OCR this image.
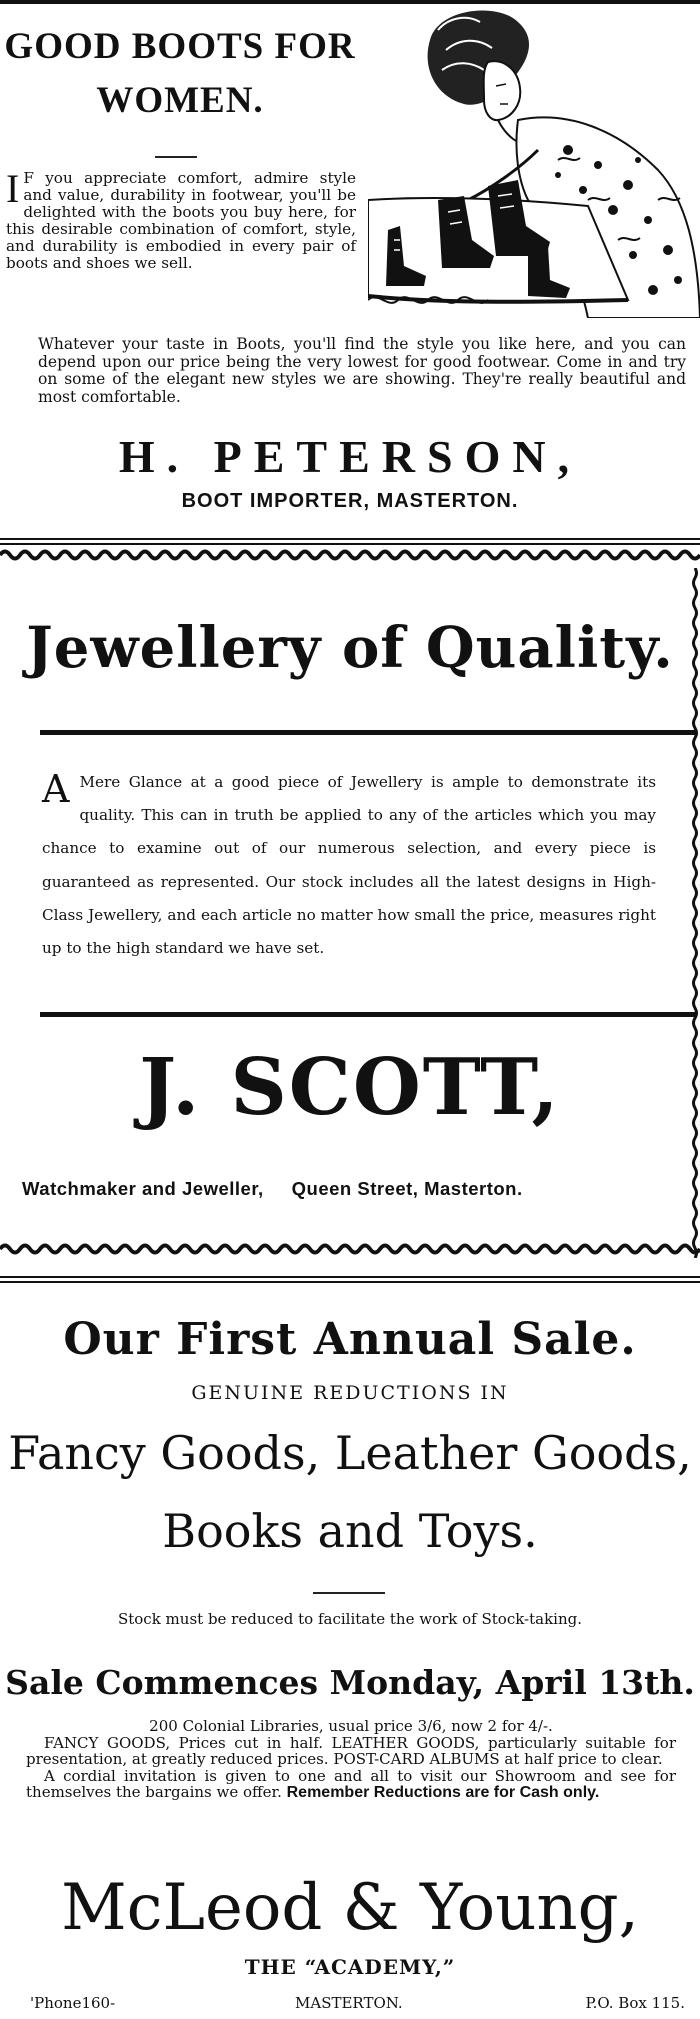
GOOD BOOTS FOR
WOMEN.
I F you appreciate comfort, admire style and value, durability in footwear, you'll be delighted with the boots you buy here, for this desirable combination of comfort, style, and durability is embodied in every pair of boots and shoes we sell.
Whatever your taste in Boots, you'll find the style you like here, and you can depend upon our price being the very lowest for good footwear. Come in and try on some of the elegant new styles we are showing. They're really beautiful and most comfortable.
H. PETERSON,
BOOT IMPORTER, MASTERTON.
Jewellery of Quality.
A Mere Glance at a good piece of Jewellery is ample to demonstrate its quality. This can in truth be applied to any of the articles which you may chance to examine out of our numerous selection, and every piece is guaranteed as represented. Our stock includes all the latest designs in High-Class Jewellery, and each article no matter how small the price, measures right up to the high standard we have set.
J. SCOTT,
Watchmaker and Jeweller, Queen Street, Masterton.
Our First Annual Sale.
GENUINE REDUCTIONS IN
Fancy Goods, Leather Goods,
Books and Toys.
Stock must be reduced to facilitate the work of Stock-taking.
Sale Commences Monday, April 13th.
200 Colonial Libraries, usual price 3/6, now 2 for 4/-.
FANCY GOODS, Prices cut in half. LEATHER GOODS, particularly suitable for presentation, at greatly reduced prices. POST-CARD ALBUMS at half price to clear.
A cordial invitation is given to one and all to visit our Showroom and see for themselves the bargains we offer. Remember Reductions are for Cash only.
McLeod & Young,
THE “ACADEMY,”
'Phone160-	MASTERTON.	P.O. Box 115.
